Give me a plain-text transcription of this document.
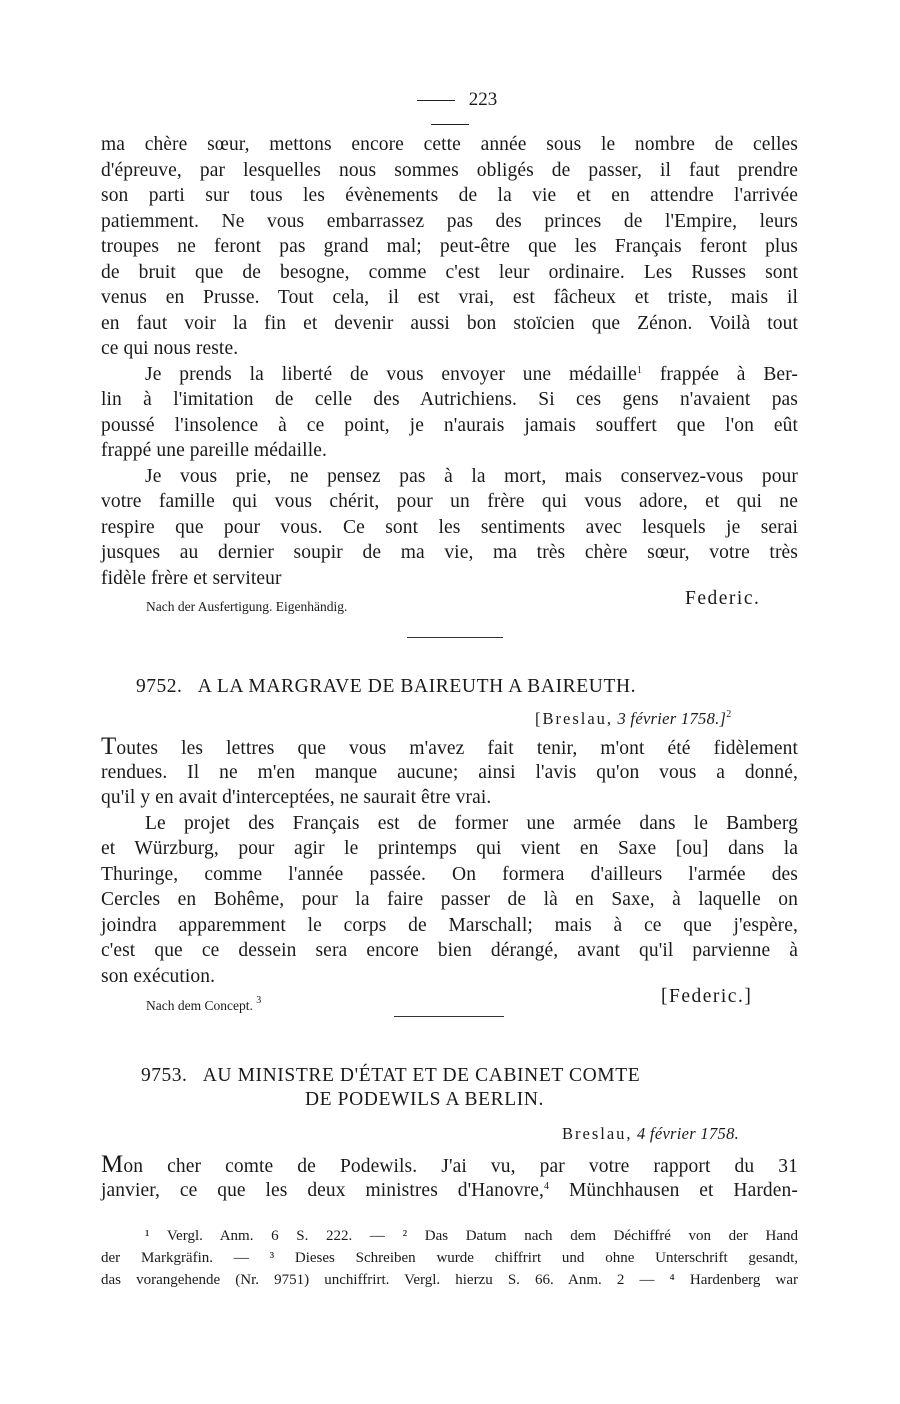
223
ma chère sœur, mettons encore cette année sous le nombre de celles
d'épreuve, par lesquelles nous sommes obligés de passer, il faut prendre
son parti sur tous les évènements de la vie et en attendre l'arrivée
patiemment. Ne vous embarrassez pas des princes de l'Empire, leurs
troupes ne feront pas grand mal; peut-être que les Français feront plus
de bruit que de besogne, comme c'est leur ordinaire. Les Russes sont
venus en Prusse. Tout cela, il est vrai, est fâcheux et triste, mais il
en faut voir la fin et devenir aussi bon stoïcien que Zénon. Voilà tout
ce qui nous reste.
Je prends la liberté de vous envoyer une médaille$^1$ frappée à Ber-
lin à l'imitation de celle des Autrichiens. Si ces gens n'avaient pas
poussé l'insolence à ce point, je n'aurais jamais souffert que l'on eût
frappé une pareille médaille.
Je vous prie, ne pensez pas à la mort, mais conservez-vous pour
votre famille qui vous chérit, pour un frère qui vous adore, et qui ne
respire que pour vous. Ce sont les sentiments avec lesquels je serai
jusques au dernier soupir de ma vie, ma très chère sœur, votre très
fidèle frère et serviteur
Nach der Ausfertigung. Eigenhändig.	Federic.
9752. A LA MARGRAVE DE BAIREUTH A BAIREUTH.
[Breslau, 3 février 1758.]$^2$
Toutes les lettres que vous m'avez fait tenir, m'ont été fidèlement
rendues. Il ne m'en manque aucune; ainsi l'avis qu'on vous a donné,
qu'il y en avait d'interceptées, ne saurait être vrai.
Le projet des Français est de former une armée dans le Bamberg
et Würzburg, pour agir le printemps qui vient en Saxe [ou] dans la
Thuringe, comme l'année passée. On formera d'ailleurs l'armée des
Cercles en Bohême, pour la faire passer de là en Saxe, à laquelle on
joindra apparemment le corps de Marschall; mais à ce que j'espère,
c'est que ce dessein sera encore bien dérangé, avant qu'il parvienne à
son exécution.
Nach dem Concept. $^3$	[Federic.]
9753. AU MINISTRE D'ÉTAT ET DE CABINET COMTE
DE PODEWILS A BERLIN.
Breslau, 4 février 1758.
Mon cher comte de Podewils. J'ai vu, par votre rapport du 31
janvier, ce que les deux ministres d'Hanovre,$^4$ Münchhausen et Harden-
¹ Vergl. Anm. 6 S. 222. — ² Das Datum nach dem Déchiffré von der Hand
der Markgräfin. — ³ Dieses Schreiben wurde chiffrirt und ohne Unterschrift gesandt,
das vorangehende (Nr. 9751) unchiffrirt. Vergl. hierzu S. 66. Anm. 2 — ⁴ Hardenberg war
